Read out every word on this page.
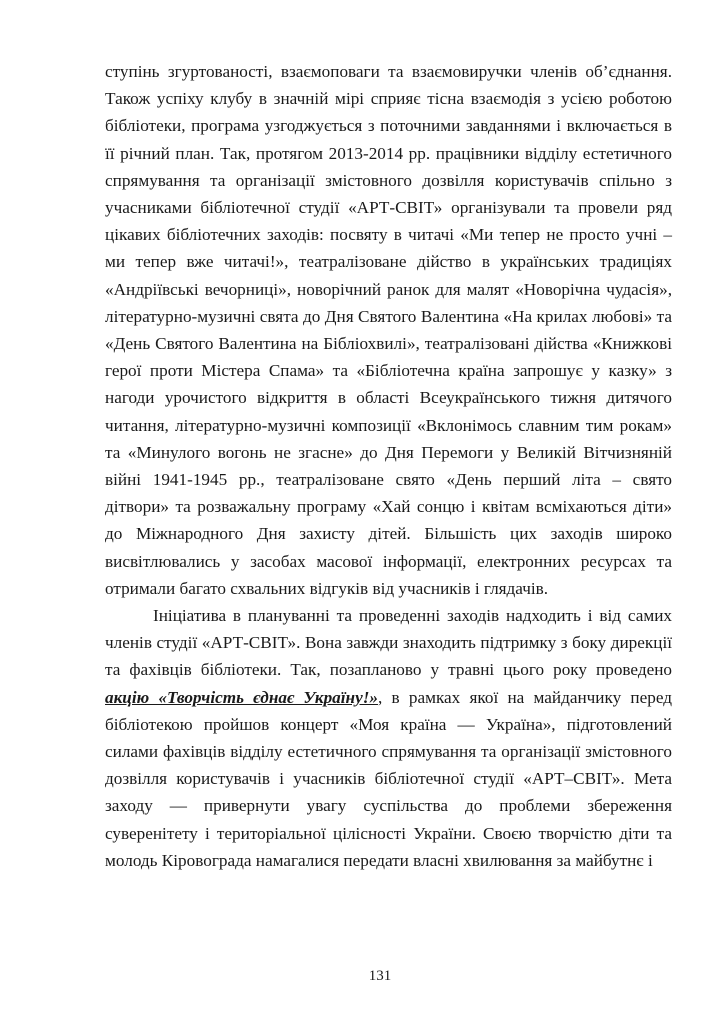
ступінь згуртованості, взаємоповаги та взаємовиручки членів об’єднання. Також успіху клубу в значній мірі сприяє тісна взаємодія з усією роботою бібліотеки, програма узгоджується з поточними завданнями і включається в її річний план. Так, протягом 2013-2014 рр. працівники відділу естетичного спрямування та організації змістовного дозвілля користувачів спільно з учасниками бібліотечної студії «АРТ-СВІТ» організували та провели ряд цікавих бібліотечних заходів: посвяту в читачі «Ми тепер не просто учні – ми тепер вже читачі!», театралізоване дійство в українських традиціях «Андріївські вечорниці», новорічний ранок для малят «Новорічна чудасія», літературно-музичні свята до Дня Святого Валентина «На крилах любові» та «День Святого Валентина на Бібліохвилі», театралізовані дійства «Книжкові герої проти Містера Спама» та «Бібліотечна країна запрошує у казку» з нагоди урочистого відкриття в області Всеукраїнського тижня дитячого читання, літературно-музичні композиції «Вклонімось славним тим рокам» та «Минулого вогонь не згасне» до Дня Перемоги у Великій Вітчизняній війні 1941-1945 рр., театралізоване свято «День перший літа – свято дітвори» та розважальну програму «Хай сонцю і квітам всміхаються діти» до Міжнародного Дня захисту дітей. Більшість цих заходів широко висвітлювались у засобах масової інформації, електронних ресурсах та отримали багато схвальних відгуків від учасників і глядачів.

Ініціатива в плануванні та проведенні заходів надходить і від самих членів студії «АРТ-СВІТ». Вона завжди знаходить підтримку з боку дирекції та фахівців бібліотеки. Так, позапланово у травні цього року проведено акцію «Творчість єднає Україну!», в рамках якої на майданчику перед бібліотекою пройшов концерт «Моя країна — Україна», підготовлений силами фахівців відділу естетичного спрямування та організації змістовного дозвілля користувачів і учасників бібліотечної студії «АРТ–СВІТ». Мета заходу — привернути увагу суспільства до проблеми збереження суверенітету і територіальної цілісності України. Своєю творчістю діти та молодь Кіровограда намагалися передати власні хвилювання за майбутнє і

131
